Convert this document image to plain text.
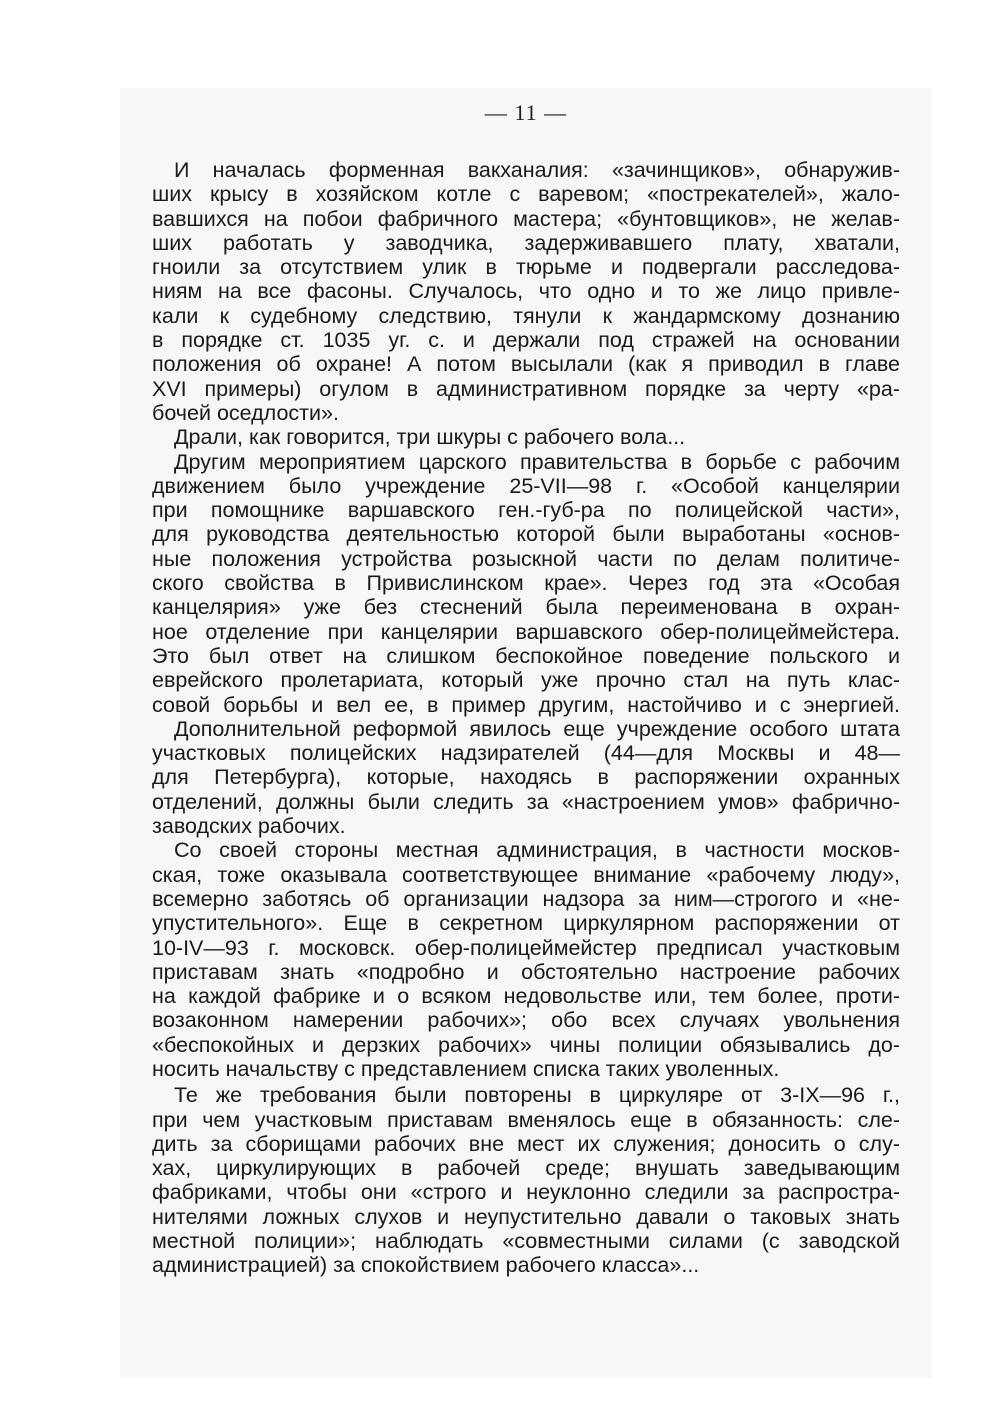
— 11 —
И началась форменная вакханалия: «зачинщиков», обнаружив-
ших крысу в хозяйском котле с варевом; «пострекателей», жало-
вавшихся на побои фабричного мастера; «бунтовщиков», не желав-
ших работать у заводчика, задерживавшего плату, хватали,
гноили за отсутствием улик в тюрьме и подвергали расследова-
ниям на все фасоны. Случалось, что одно и то же лицо привле-
кали к судебному следствию, тянули к жандармскому дознанию
в порядке ст. 1035 уг. с. и держали под стражей на основании
положения об охране! А потом высылали (как я приводил в главе
XVI примеры) огулом в административном порядке за черту «ра-
бочей оседлости».
Драли, как говорится, три шкуры с рабочего вола...
Другим мероприятием царского правительства в борьбе с рабочим
движением было учреждение 25-VII—98 г. «Особой канцелярии
при помощнике варшавского ген.-губ-ра по полицейской части»,
для руководства деятельностью которой были выработаны «основ-
ные положения устройства розыскной части по делам политиче-
ского свойства в Привислинском крае». Через год эта «Особая
канцелярия» уже без стеснений была переименована в охран-
ное отделение при канцелярии варшавского обер-полицеймейстера.
Это был ответ на слишком беспокойное поведение польского и
еврейского пролетариата, который уже прочно стал на путь клас-
совой борьбы и вел ее, в пример другим, настойчиво и с энергией.
Дополнительной реформой явилось еще учреждение особого штата
участковых полицейских надзирателей (44—для Москвы и 48—
для Петербурга), которые, находясь в распоряжении охранных
отделений, должны были следить за «настроением умов» фабрично-
заводских рабочих.
Со своей стороны местная администрация, в частности москов-
ская, тоже оказывала соответствующее внимание «рабочему люду»,
всемерно заботясь об организации надзора за ним—строгого и «не-
упустительного». Еще в секретном циркулярном распоряжении от
10-IV—93 г. московск. обер-полицеймейстер предписал участковым
приставам знать «подробно и обстоятельно настроение рабочих
на каждой фабрике и о всяком недовольстве или, тем более, проти-
возаконном намерении рабочих»; обо всех случаях увольнения
«беспокойных и дерзких рабочих» чины полиции обязывались до-
носить начальству с представлением списка таких уволенных.
Те же требования были повторены в циркуляре от 3-IX—96 г.,
при чем участковым приставам вменялось еще в обязанность: сле-
дить за сборищами рабочих вне мест их служения; доносить о слу-
хах, циркулирующих в рабочей среде; внушать заведывающим
фабриками, чтобы они «строго и неуклонно следили за распростра-
нителями ложных слухов и неупустительно давали о таковых знать
местной полиции»; наблюдать «совместными силами (с заводской
администрацией) за спокойствием рабочего класса»...
